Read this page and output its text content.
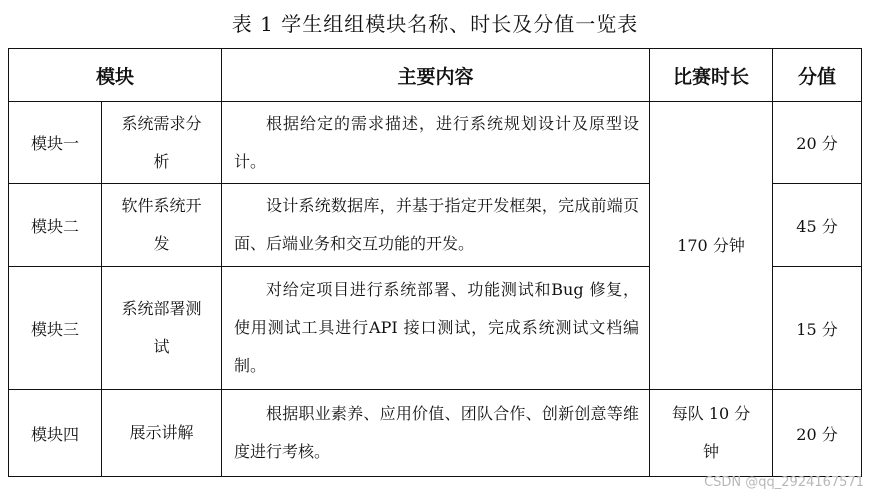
表 1 学生组组模块名称、时长及分值一览表
模块		主要内容	比赛时长	分值
模块一	系统需求分析	根据给定的需求描述，进行系统规划设计及原型设计。	170 分钟	20 分
模块二	软件系统开发	设计系统数据库，并基于指定开发框架，完成前端页面、后端业务和交互功能的开发。		45 分
模块三	系统部署测试	对给定项目进行系统部署、功能测试和Bug 修复，使用测试工具进行API 接口测试，完成系统测试文档编制。		15 分
模块四	展示讲解	根据职业素养、应用价值、团队合作、创新创意等维度进行考核。	每队 10 分钟	20 分
CSDN @qq_2924167571
